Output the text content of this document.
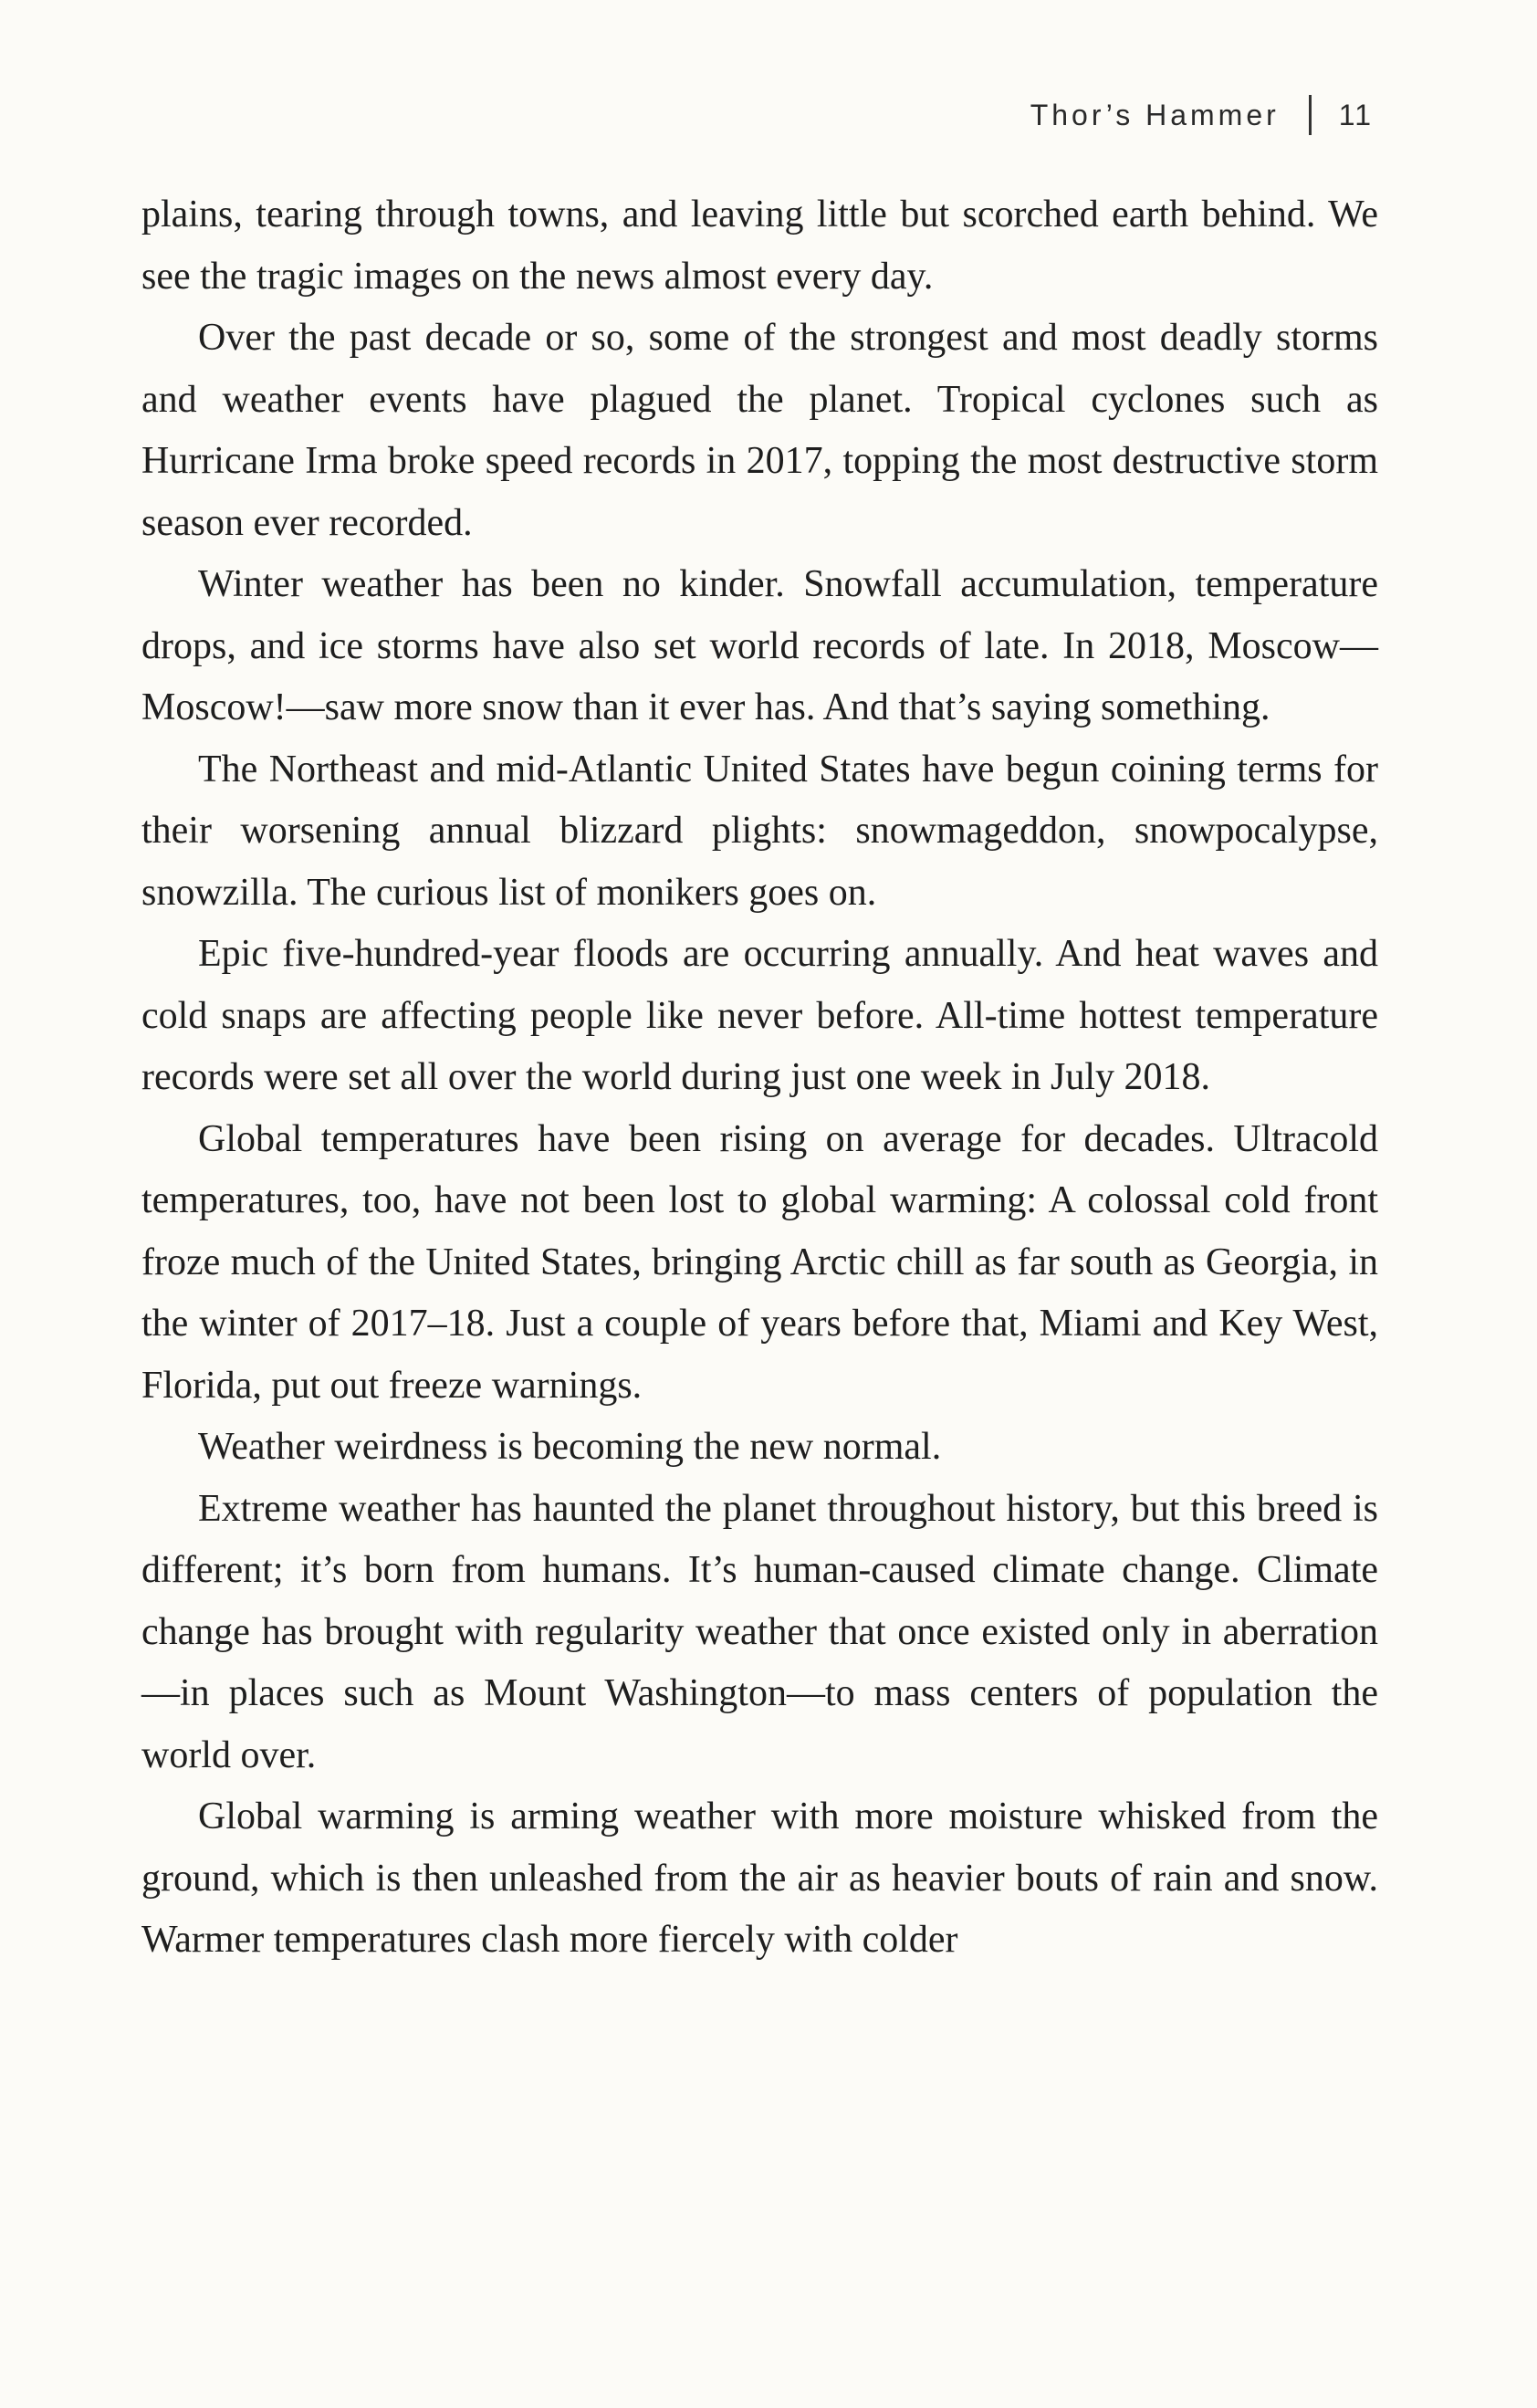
Thor’s Hammer 11

plains, tearing through towns, and leaving little but scorched earth behind. We see the tragic images on the news almost every day.

Over the past decade or so, some of the strongest and most deadly storms and weather events have plagued the planet. Tropical cyclones such as Hurricane Irma broke speed records in 2017, topping the most destructive storm season ever recorded.

Winter weather has been no kinder. Snowfall accumulation, temperature drops, and ice storms have also set world records of late. In 2018, Moscow—Moscow!—saw more snow than it ever has. And that’s saying something.

The Northeast and mid-Atlantic United States have begun coining terms for their worsening annual blizzard plights: snowmageddon, snowpocalypse, snowzilla. The curious list of monikers goes on.

Epic five-hundred-year floods are occurring annually. And heat waves and cold snaps are affecting people like never before. All-time hottest temperature records were set all over the world during just one week in July 2018.

Global temperatures have been rising on average for decades. Ultracold temperatures, too, have not been lost to global warming: A colossal cold front froze much of the United States, bringing Arctic chill as far south as Georgia, in the winter of 2017–18. Just a couple of years before that, Miami and Key West, Florida, put out freeze warnings.

Weather weirdness is becoming the new normal.

Extreme weather has haunted the planet throughout history, but this breed is different; it’s born from humans. It’s human-caused climate change. Climate change has brought with regularity weather that once existed only in aberration—in places such as Mount Washington—to mass centers of population the world over.

Global warming is arming weather with more moisture whisked from the ground, which is then unleashed from the air as heavier bouts of rain and snow. Warmer temperatures clash more fiercely with colder
